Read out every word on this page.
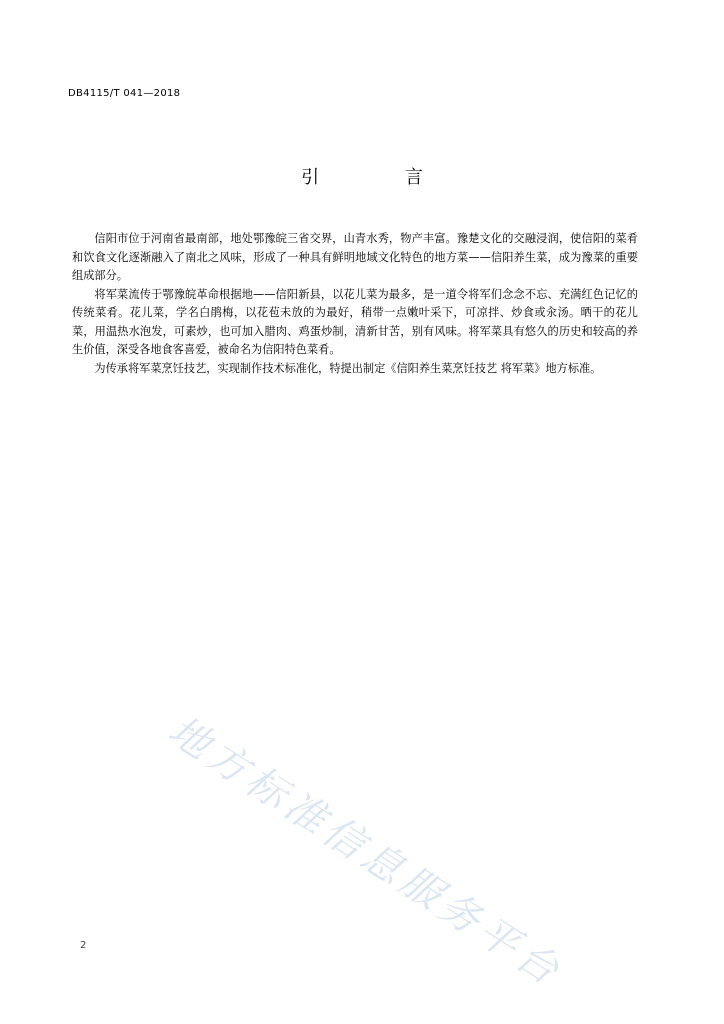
DB4115/T 041—2018
引 言

信阳市位于河南省最南部，地处鄂豫皖三省交界，山青水秀，物产丰富。豫楚文化的交融浸润，使信阳的菜肴和饮食文化逐渐融入了南北之风味，形成了一种具有鲜明地域文化特色的地方菜——信阳养生菜，成为豫菜的重要组成部分。

将军菜流传于鄂豫皖革命根据地——信阳新县，以花儿菜为最多，是一道令将军们念念不忘、充满红色记忆的传统菜肴。花儿菜，学名白鹃梅，以花苞未放的为最好，稍带一点嫩叶采下，可凉拌、炒食或汆汤。晒干的花儿菜，用温热水泡发，可素炒，也可加入腊肉、鸡蛋炒制，清新甘苦，别有风味。将军菜具有悠久的历史和较高的养生价值，深受各地食客喜爱，被命名为信阳特色菜肴。

为传承将军菜烹饪技艺，实现制作技术标准化，特提出制定《信阳养生菜烹饪技艺 将军菜》地方标准。

地方标准信息服务平台
2
